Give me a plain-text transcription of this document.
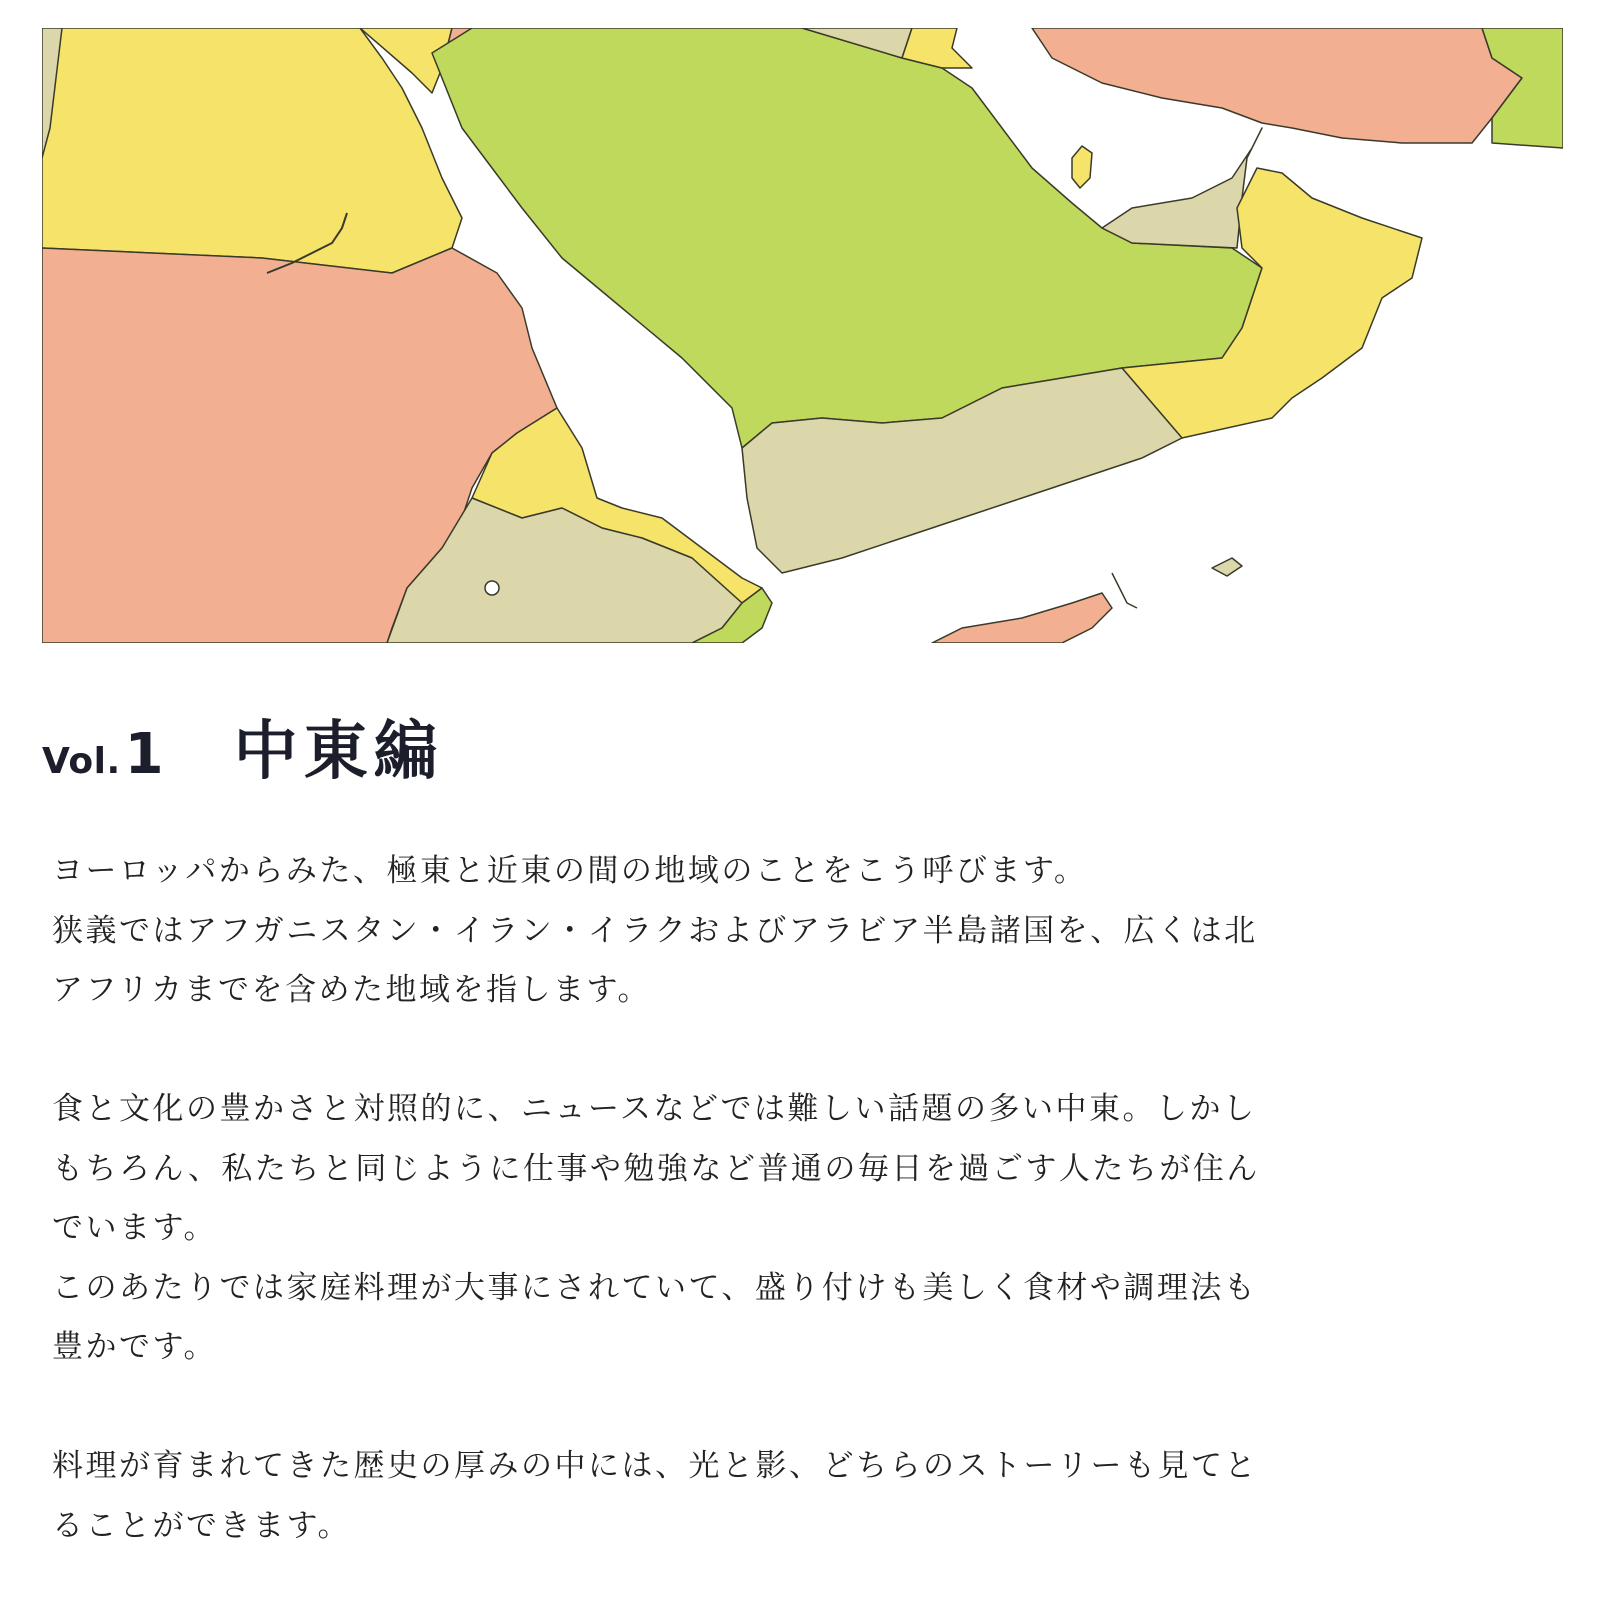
Vol. 1 中東編

ヨーロッパからみた、極東と近東の間の地域のことをこう呼びます。
狭義ではアフガニスタン・イラン・イラクおよびアラビア半島諸国を、広くは北
アフリカまでを含めた地域を指します。

食と文化の豊かさと対照的に、ニュースなどでは難しい話題の多い中東。しかし
もちろん、私たちと同じように仕事や勉強など普通の毎日を過ごす人たちが住ん
でいます。
このあたりでは家庭料理が大事にされていて、盛り付けも美しく食材や調理法も
豊かです。

料理が育まれてきた歴史の厚みの中には、光と影、どちらのストーリーも見てと
ることができます。
